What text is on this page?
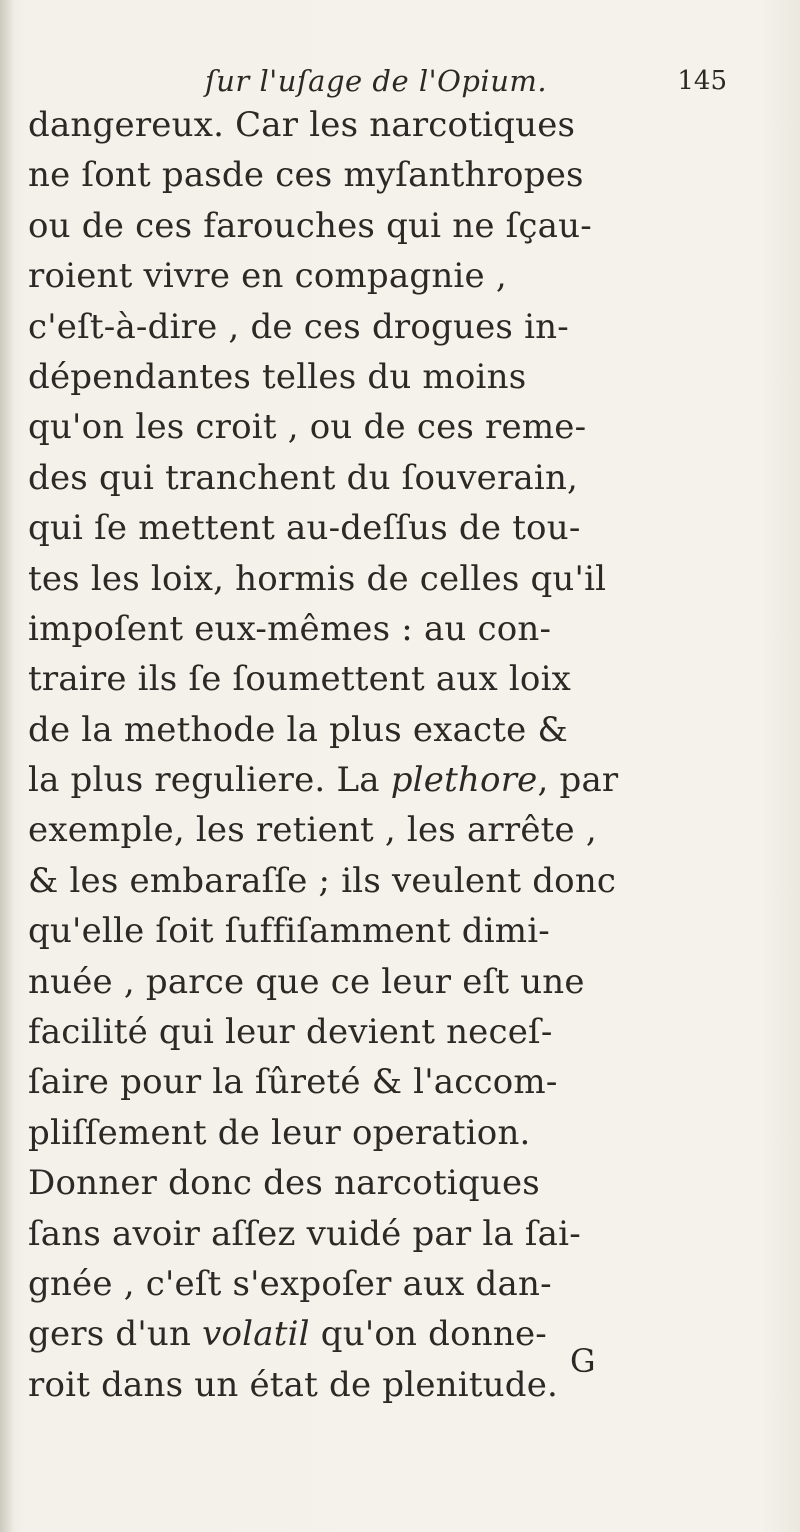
ſur l'uſage de l'Opium.	145
dangereux. Car les narcotiques
ne ſont pasde ces myſanthropes
ou de ces farouches qui ne ſçau-
roient vivre en compagnie ,
c'eſt-à-dire , de ces drogues in-
dépendantes telles du moins
qu'on les croit , ou de ces reme-
des qui tranchent du ſouverain,
qui ſe mettent au-deſſus de tou-
tes les loix, hormis de celles qu'il
impoſent eux-mêmes : au con-
traire ils ſe ſoumettent aux loix
de la methode la plus exacte &
la plus reguliere. La plethore, par
exemple, les retient , les arrête ,
& les embaraſſe ; ils veulent donc
qu'elle ſoit ſuffiſamment dimi-
nuée , parce que ce leur eſt une
facilité qui leur devient neceſ-
ſaire pour la ſûreté & l'accom-
pliſſement de leur operation.
Donner donc des narcotiques
ſans avoir aſſez vuidé par la ſai-
gnée , c'eſt s'expoſer aux dan-
gers d'un volatil qu'on donne-
roit dans un état de plenitude.
G
